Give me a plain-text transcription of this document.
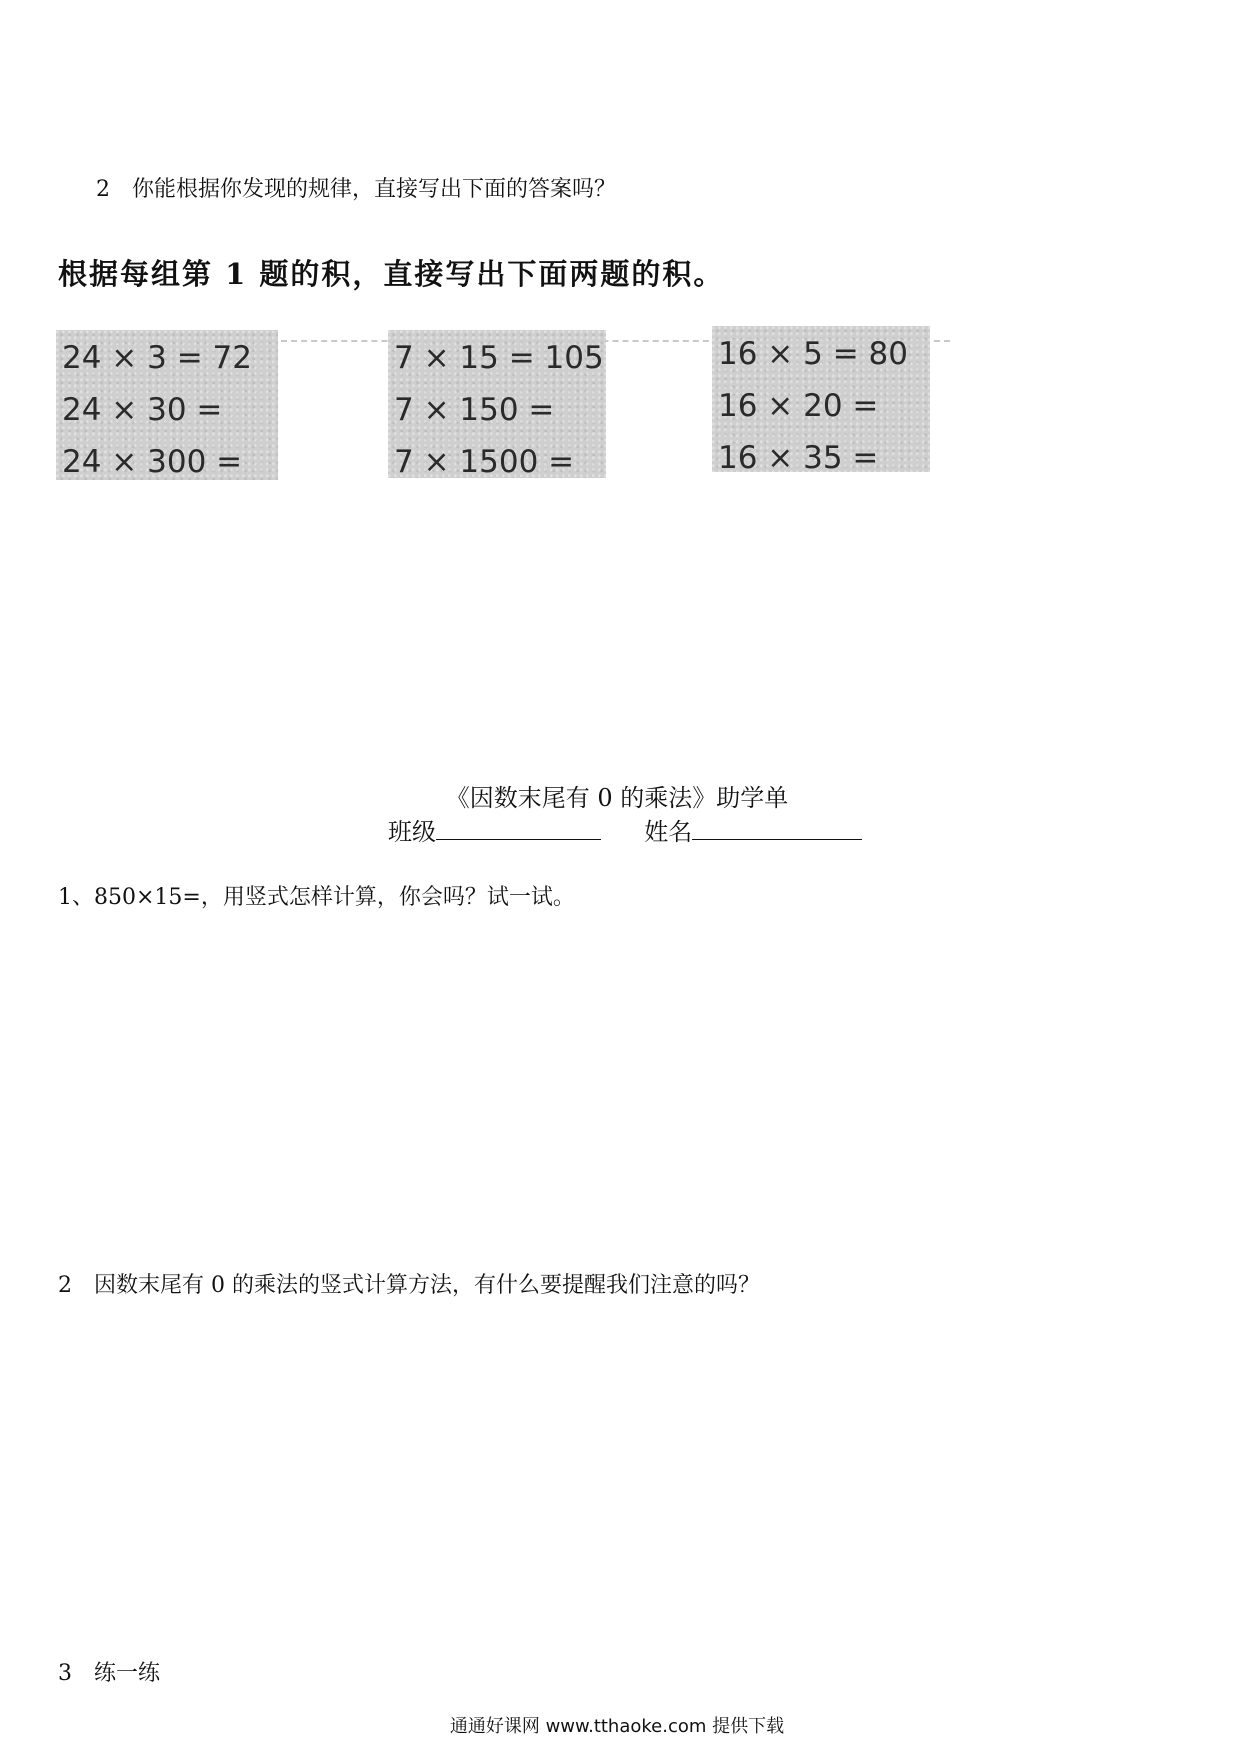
2 你能根据你发现的规律，直接写出下面的答案吗？
根据每组第 1 题的积，直接写出下面两题的积。
24 × 3 = 72
24 × 30 =
24 × 300 =
7 × 15 = 105
7 × 150 =
7 × 1500 =
16 × 5 = 80
16 × 20 =
16 × 35 =
《因数末尾有 0 的乘法》助学单
班级	姓名
1、850×15=，用竖式怎样计算，你会吗？试一试。
2 因数末尾有 0 的乘法的竖式计算方法，有什么要提醒我们注意的吗？
3 练一练
通通好课网 www.tthaoke.com 提供下载
